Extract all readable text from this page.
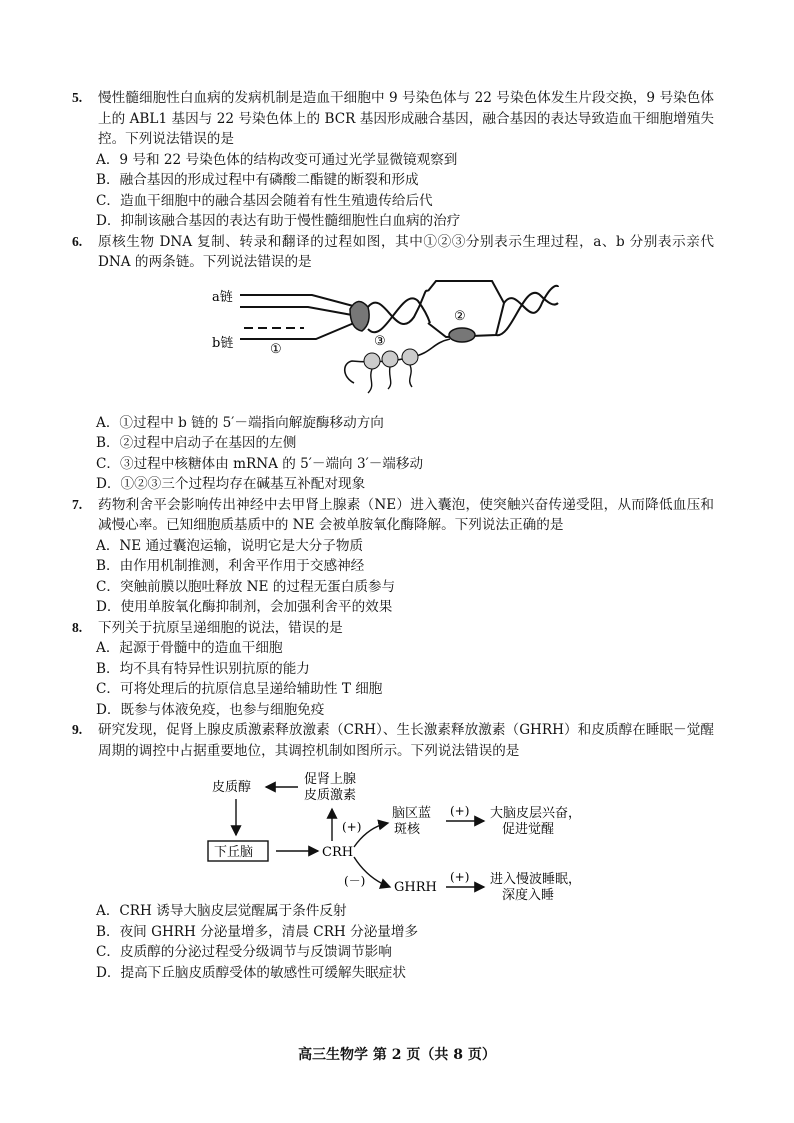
5.	慢性髓细胞性白血病的发病机制是造血干细胞中 9 号染色体与 22 号染色体发生片段交换，9 号染色体上的 ABL1 基因与 22 号染色体上的 BCR 基因形成融合基因，融合基因的表达导致造血干细胞增殖失控。下列说法错误的是
A．9 号和 22 号染色体的结构改变可通过光学显微镜观察到
B．融合基因的形成过程中有磷酸二酯键的断裂和形成
C．造血干细胞中的融合基因会随着有性生殖遗传给后代
D．抑制该融合基因的表达有助于慢性髓细胞性白血病的治疗
6.	原核生物 DNA 复制、转录和翻译的过程如图，其中①②③分别表示生理过程，a、b 分别表示亲代 DNA 的两条链。下列说法错误的是
a链
b链	①
②
③
A．①过程中 b 链的 5′－端指向解旋酶移动方向
B．②过程中启动子在基因的左侧
C．③过程中核糖体由 mRNA 的 5′－端向 3′－端移动
D．①②③三个过程均存在碱基互补配对现象
7.	药物利舍平会影响传出神经中去甲肾上腺素（NE）进入囊泡，使突触兴奋传递受阻，从而降低血压和减慢心率。已知细胞质基质中的 NE 会被单胺氧化酶降解。下列说法正确的是
A．NE 通过囊泡运输，说明它是大分子物质
B．由作用机制推测，利舍平作用于交感神经
C．突触前膜以胞吐释放 NE 的过程无蛋白质参与
D．使用单胺氧化酶抑制剂，会加强利舍平的效果
8.	下列关于抗原呈递细胞的说法，错误的是
A．起源于骨髓中的造血干细胞
B．均不具有特异性识别抗原的能力
C．可将处理后的抗原信息呈递给辅助性 T 细胞
D．既参与体液免疫，也参与细胞免疫
9.	研究发现，促肾上腺皮质激素释放激素（CRH）、生长激素释放激素（GHRH）和皮质醇在睡眠－觉醒周期的调控中占据重要地位，其调控机制如图所示。下列说法错误的是
皮质醇
促肾上腺
皮质激素
下丘脑	CRH
(+)
脑区蓝
斑核
(+) 大脑皮层兴奋，
促进觉醒
(－) GHRH
(+) 进入慢波睡眠，
深度入睡
A．CRH 诱导大脑皮层觉醒属于条件反射
B．夜间 GHRH 分泌量增多，清晨 CRH 分泌量增多
C．皮质醇的分泌过程受分级调节与反馈调节影响
D．提高下丘脑皮质醇受体的敏感性可缓解失眠症状
高三生物学 第 2 页（共 8 页）
